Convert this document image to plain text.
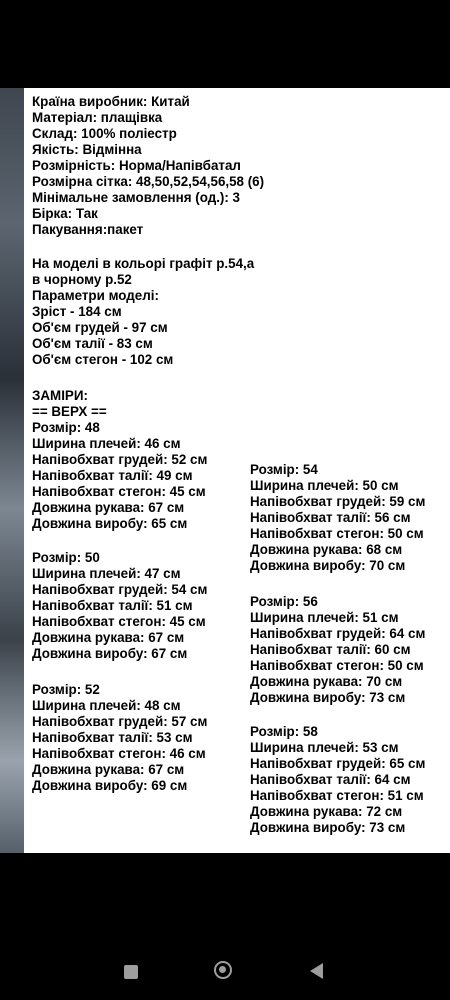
Країна виробник: Китай
Матеріал: плащівка
Склад: 100% поліестр
Якість: Відмінна
Розмірність: Норма/Напівбатал
Розмірна сітка: 48,50,52,54,56,58 (6)
Мінімальне замовлення (од.): 3
Бірка: Так
Пакування:пакет
На моделі в кольорі графіт р.54,а
в чорному р.52
Параметри моделі:
Зріст - 184 см
Об'єм грудей - 97 см
Об'єм талії - 83 см
Об'єм стегон - 102 см
ЗАМІРИ:
== ВЕРХ ==
Розмір: 48
Ширина плечей: 46 см
Напівобхват грудей: 52 см
Напівобхват талії: 49 см
Напівобхват стегон: 45 см
Довжина рукава: 67 см
Довжина виробу: 65 см
Розмір: 50
Ширина плечей: 47 см
Напівобхват грудей: 54 см
Напівобхват талії: 51 см
Напівобхват стегон: 45 см
Довжина рукава: 67 см
Довжина виробу: 67 см
Розмір: 52
Ширина плечей: 48 см
Напівобхват грудей: 57 см
Напівобхват талії: 53 см
Напівобхват стегон: 46 см
Довжина рукава: 67 см
Довжина виробу: 69 см
Розмір: 54
Ширина плечей: 50 см
Напівобхват грудей: 59 см
Напівобхват талії: 56 см
Напівобхват стегон: 50 см
Довжина рукава: 68 см
Довжина виробу: 70 см
Розмір: 56
Ширина плечей: 51 см
Напівобхват грудей: 64 см
Напівобхват талії: 60 см
Напівобхват стегон: 50 см
Довжина рукава: 70 см
Довжина виробу: 73 см
Розмір: 58
Ширина плечей: 53 см
Напівобхват грудей: 65 см
Напівобхват талії: 64 см
Напівобхват стегон: 51 см
Довжина рукава: 72 см
Довжина виробу: 73 см
